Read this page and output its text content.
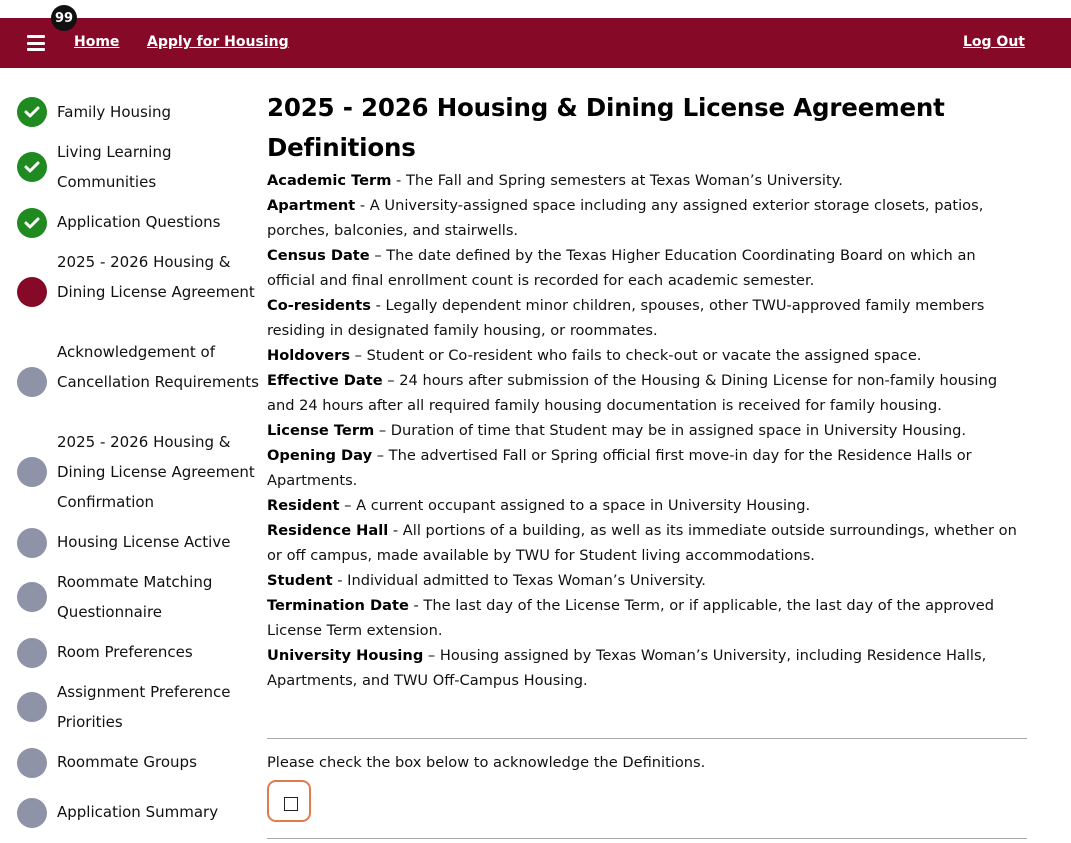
99
Home Apply for Housing	Log Out
Family Housing
Living Learning Communities
Application Questions
2025 - 2026 Housing & Dining License Agreement
Acknowledgement of Cancellation Requirements
2025 - 2026 Housing & Dining License Agreement Confirmation
Housing License Active
Roommate Matching Questionnaire
Room Preferences
Assignment Preference Priorities
Roommate Groups
Application Summary
2025 - 2026 Housing & Dining License Agreement
Definitions

Academic Term - The Fall and Spring semesters at Texas Woman’s University.

Apartment - A University-assigned space including any assigned exterior storage closets, patios, porches, balconies, and stairwells.

Census Date – The date defined by the Texas Higher Education Coordinating Board on which an official and final enrollment count is recorded for each academic semester.

Co-residents - Legally dependent minor children, spouses, other TWU-approved family members residing in designated family housing, or roommates.

Holdovers – Student or Co-resident who fails to check-out or vacate the assigned space.

Effective Date – 24 hours after submission of the Housing & Dining License for non-family housing and 24 hours after all required family housing documentation is received for family housing.

License Term – Duration of time that Student may be in assigned space in University Housing.

Opening Day – The advertised Fall or Spring official first move-in day for the Residence Halls or Apartments.

Resident – A current occupant assigned to a space in University Housing.

Residence Hall - All portions of a building, as well as its immediate outside surroundings, whether on or off campus, made available by TWU for Student living accommodations.

Student - Individual admitted to Texas Woman’s University.

Termination Date - The last day of the License Term, or if applicable, the last day of the approved License Term extension.

University Housing – Housing assigned by Texas Woman’s University, including Residence Halls, Apartments, and TWU Off-Campus Housing.

Please check the box below to acknowledge the Definitions.
